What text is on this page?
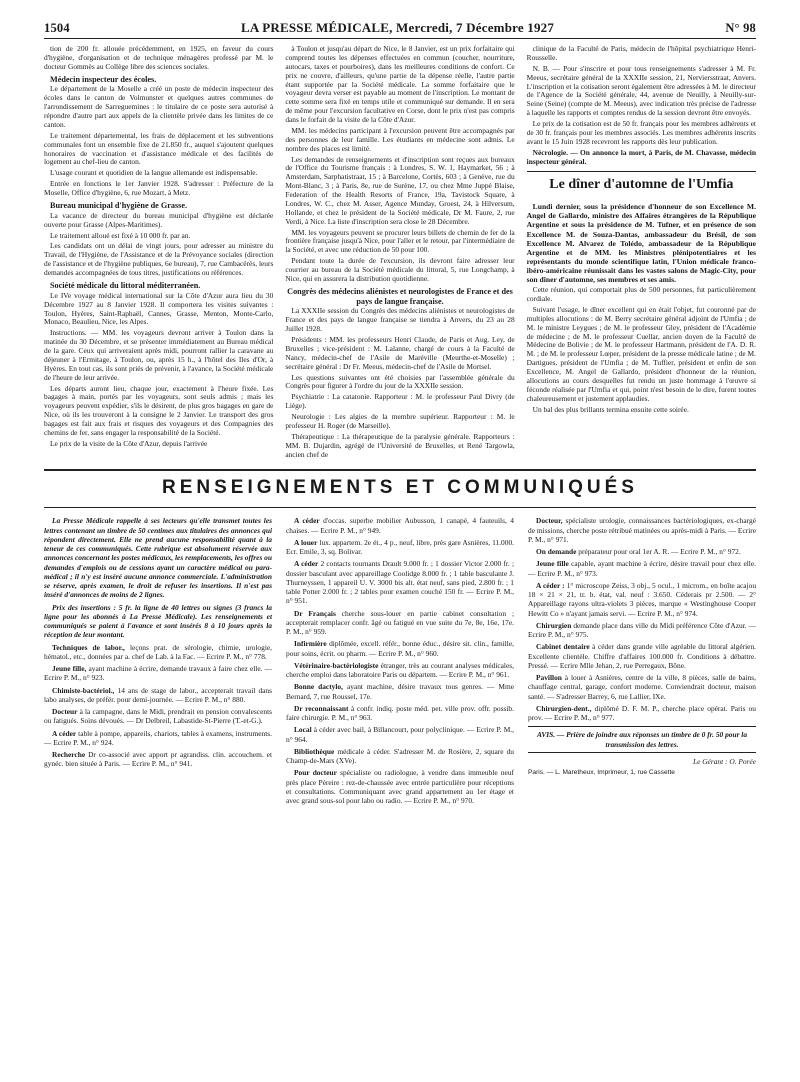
1504	LA PRESSE MÉDICALE, Mercredi, 7 Décembre 1927	N° 98

tion de 200 fr. allouée précédemment, en 1925, en faveur du cours d'hygiène, d'organisation et de technique ménagères professé par M. le docteur Gommès au Collège libre des sciences sociales.

Médecin inspecteur des écoles.

Le département de la Moselle a créé un poste de médecin inspecteur des écoles dans le canton de Volmunster et quelques autres communes de l'arrondissement de Sarreguemines : le titulaire de ce poste sera autorisé à répondre d'autre part aux appels de la clientèle privée dans les limites de ce canton.

Le traitement départemental, les frais de déplacement et les subventions communales font un ensemble fixe de 21.850 fr., auquel s'ajoutent quelques honoraires de vaccination et d'assistance médicale et des facilités de logement au chef-lieu de canton.

L'usage courant et quotidien de la langue allemande est indispensable.

Entrée en fonctions le 1er Janvier 1928. S'adresser : Préfecture de la Moselle, Office d'hygiène, 6, rue Mozart, à Metz.

Bureau municipal d'hygiène de Grasse.

La vacance de directeur du bureau municipal d'hygiène est déclarée ouverte pour Grasse (Alpes-Maritimes).

Le traitement alloué est fixé à 10 000 fr. par an.

Les candidats ont un délai de vingt jours, pour adresser au ministre du Travail, de l'Hygiène, de l'Assistance et de la Prévoyance sociales (direction de l'assistance et de l'hygiène publiques, 6e bureau), 7, rue Cambacérès, leurs demandes accompagnées de tous titres, justifications ou références.

Société médicale du littoral méditerranéen.

Le IVe voyage médical international sur la Côte d'Azur aura lieu du 30 Décembre 1927 au 8 Janvier 1928. Il comportera les visites suivantes : Toulon, Hyères, Saint-Raphaël, Cannes, Grasse, Menton, Monte-Carlo, Monaco, Beaulieu, Nice, les Alpes.

Instructions. — MM. les voyageurs devront arriver à Toulon dans la matinée du 30 Décembre, et se présenter immédiatement au Bureau médical de la gare. Ceux qui arriveraient après midi, pourront rallier la caravane au déjeuner à l'Ermitage, à Toulon, ou, après 15 h., à l'hôtel des Iles d'Or, à Hyères. En tout cas, ils sont priés de prévenir, à l'avance, la Société médicale de l'heure de leur arrivée.

Les départs auront lieu, chaque jour, exactement à l'heure fixée. Les bagages à main, portés par les voyageurs, sont seuls admis ; mais les voyageurs peuvent expédier, s'ils le désirent, de plus gros bagages en gare de Nice, où ils les trouveront à la consigne le 2 Janvier. Le transport des gros bagages est fait aux frais et risques des voyageurs et des Compagnies des chemins de fer, sans engager la responsabilité de la Société.

Le prix de la visite de la Côte d'Azur, depuis l'arrivée

à Toulon et jusqu'au départ de Nice, le 8 Janvier, est un prix forfaitaire qui comprend toutes les dépenses effectuées en commun (coucher, nourriture, autocars, taxes et pourboires), dans les meilleures conditions de confort. Ce prix ne couvre, d'ailleurs, qu'une partie de la dépense réelle, l'autre partie étant supportée par la Société médicale. La somme forfaitaire que le voyageur devra verser est payable au moment de l'inscription. Le montant de cette somme sera fixé en temps utile et communiqué sur demande. Il en sera de même pour l'excursion facultative en Corse, dont le prix n'est pas compris dans le forfait de la visite de la Côte d'Azur.

MM. les médecins participant à l'excursion peuvent être accompagnés par des personnes de leur famille. Les étudiants en médecine sont admis. Le nombre des places est limité.

Les demandes de renseignements et d'inscription sont reçues aux bureaux de l'Office du Tourisme français : à Londres, S. W. 1, Haymarket, 56 ; à Amsterdam, Sarphatistraat, 15 ; à Barcelone, Cortès, 603 ; à Genève, rue du Mont-Blanc, 3 ; à Paris, 8e, rue de Surène, 17, ou chez Mme Juppé Blaise, Federation of the Health Resorts of France, 19a, Tavistock Square, à Londres, W. C., chez M. Asser, Agence Munday, Groest, 24, à Hilversum, Hollande, et chez le président de la Société médicale, Dr M. Faure, 2, rue Verdi, à Nice. La liste d'inscription sera close le 28 Décembre.

MM. les voyageurs peuvent se procurer leurs billets de chemin de fer de la frontière française jusqu'à Nice, pour l'aller et le retour, par l'intermédiaire de la Société, et avec une réduction de 50 pour 100.

Pendant toute la durée de l'excursion, ils devront faire adresser leur courrier au bureau de la Société médicale du littoral, 5, rue Longchamp, à Nice, qui en assurera la distribution quotidienne.

Congrès des médecins aliénistes et neurologistes de France et des pays de langue française.

La XXXIIe session du Congrès des médecins aliénistes et neurologistes de France et des pays de langue française se tiendra à Anvers, du 23 au 28 Juillet 1928.

Présidents : MM. les professeurs Henri Claude, de Paris et Aug. Ley, de Bruxelles ; vice-président : M. Lalanne, chargé de cours à la Faculté de Nancy, médecin-chef de l'Asile de Maréville (Meurthe-et-Moselle) ; secrétaire général : Dr Fr. Meeus, médecin-chef de l'Asile de Mortsel.

Les questions suivantes ont été choisies par l'assemblée générale du Congrès pour figurer à l'ordre du jour de la XXXIIe session.

Psychiatrie : La catatonie. Rapporteur : M. le professeur Paul Divry (de Liège).

Neurologie : Les algies de la membre supérieur. Rapporteur : M. le professeur H. Roger (de Marseille).

Thérapeutique : La thérapeutique de la paralysie générale. Rapporteurs : MM. B. Dujardin, agrégé de l'Université de Bruxelles, et René Targowla, ancien chef de

clinique de la Faculté de Paris, médecin de l'hôpital psychiatrique Henri-Rousselle.

N. B. — Pour s'inscrire et pour tous renseignements s'adresser à M. Fr. Meeus, secrétaire général de la XXXIIe session, 21, Nerviersstraat, Anvers. L'inscription et la cotisation seront également être adressées à M. le directeur de l'Agence de la Société générale, 44, avenue de Neuilly, à Neuilly-sur-Seine (Seine) (compte de M. Meeus), avec indication très précise de l'adresse à laquelle les rapports et comptes rendus de la session devront être envoyés.

Le prix de la cotisation est de 50 fr. français pour les membres adhérents et de 30 fr. français pour les membres associés. Les membres adhérents inscrits avant le 15 Juin 1928 recevront les rapports dès leur publication.

Nécrologie. — On annonce la mort, à Paris, de M. Chavasse, médecin inspecteur général.

Le dîner d'automne de l'Umfia

Lundi dernier, sous la présidence d'honneur de son Excellence M. Angel de Gallardo, ministre des Affaires étrangères de la République Argentine et sous la présidence de M. Tufner, et en présence de son Excellence M. de Souza-Dantas, ambassadeur du Brésil, de son Excellence M. Alvarez de Tolédo, ambassadeur de la République Argentine et de MM. les Ministres plénipotentiaires et les représentants du monde scientifique latin, l'Union médicale franco-ibéro-américaine réunissait dans les vastes salons de Magic-City, pour son dîner d'automne, ses membres et ses amis.

Cette réunion, qui comportait plus de 500 personnes, fut particulièrement cordiale.

Suivant l'usage, le dîner excellent qui en était l'objet, fut couronné par de multiples allocutions : de M. Berry secrétaire général adjoint de l'Umfia ; de M. le ministre Leygues ; de M. le professeur Gley, président de l'Académie de médecine ; de M. le professeur Cuellar, ancien doyen de la Faculté de Médecine de Bolivie ; de M. le professeur Hartmann, président de l'A. D. R. M. ; de M. le professeur Lœper, président de la presse médicale latine ; de M. Dartigues, président de l'Umfia ; de M. Tuffier, président et enfin de son Excellence, M. Angel de Gallardo, président d'honneur de la réunion, allocutions au cours desquelles fut rendu un juste hommage à l'œuvre si féconde réalisée par l'Umfia et qui, point n'est besoin de le dire, furent toutes chaleureusement et justement applaudies.

Un bal des plus brillants termina ensuite cette soirée.

RENSEIGNEMENTS ET COMMUNIQUÉS

La Presse Médicale rappelle à ses lecteurs qu'elle transmet toutes les lettres contenant un timbre de 50 centimes aux titulaires des annonces qui répondent directement. Elle ne prend aucune responsabilité quant à la teneur de ces communiqués. Cette rubrique est absolument réservée aux annonces concernant les postes médicaux, les remplacements, les offres ou demandes d'emplois ou de cessions ayant un caractère médical ou para-médical ; il n'y est inséré aucune annonce commerciale. L'administration se réserve, après examen, le droit de refuser les insertions. Il n'est pas inséré d'annonces de moins de 2 lignes.

Prix des insertions : 5 fr. la ligne de 40 lettres ou signes (3 francs la ligne pour les abonnés à La Presse Médicale). Les renseignements et communiqués se paient à l'avance et sont insérés 8 à 10 jours après la réception de leur montant.

Techniques de labor., leçons prat. de sérologie, chimie, urologie, hématol., etc., données par a. chef de Lab. à la Fac. — Ecrire P. M., n° 778.

Jeune fille, ayant machine à écrire, demande travaux à faire chez elle. — Ecrire P. M., n° 923.

Chimiste-bactériol., 14 ans de stage de labor., accepterait travail dans labo analyses, de préfér. pour demi-journée. — Ecrire P. M., n° 880.

Docteur à la campagne, dans le Midi, prendrait en pension convalescents ou fatigués. Soins dévoués. — Dr Delbreil, Labastide-St-Pierre (T.-et-G.).

A céder table à pompe, appareils, chariots, tables à examens, instruments. — Ecrire P. M., n° 924.

Recherche Dr co-associé avec apport pr agrandiss. clin. accouchem. et gynéc. bien située à Paris. — Ecrire P. M., n° 941.

A céder d'occas. superbe mobilier Aubusson, 1 canapé, 4 fauteuils, 4 chaises. — Ecrire P. M., n° 949.

A louer lux. appartem. 2e ét., 4 p., neuf, libre, près gare Asnières, 11.000. Ecr. Emile, 3, sq. Bolivar.

A céder 2 contacts tournants Drault 9.000 fr. ; 1 dossier Victor 2.000 fr. ; dossier basculant avec appareillage Coolidge 8.000 fr. ; 1 table basculante J. Thurneyssen, 1 appareil U. V. 3000 bis alt. état neuf, sans pied, 2.800 fr. ; 1 table Potter 2.000 fr. ; 2 tables pour examen couché 150 fr. — Ecrire P. M., n° 951.

Dr Français cherche sous-louer en partie cabinet consultation ; accepterait remplacer confr. âgé ou fatigué en vue suite du 7e, 8e, 16e, 17e. P. M., n° 959.

Infirmière diplômée, excell. référ., bonne éduc., désire sit. clin., famille, pour soins, écrit. ou pharm. — Ecrire P. M., n° 960.

Vétérinaire-bactériologiste étranger, très au courant analyses médicales, cherche emploi dans laboratoire Paris ou départem. — Ecrire P. M., n° 961.

Bonne dactylo, ayant machine, désire travaux tous genres. — Mme Bernard, 7, rue Roussel, 17e.

Dr reconnaissant à confr. indiq. poste méd. pet. ville prov. offr. possib. faire chirurgie. P. M., n° 963.

Local à céder avec bail, à Billancourt, pour polyclinique. — Ecrire P. M., n° 964.

Bibliothèque médicale à céder. S'adresser M. de Rosière, 2, square du Champ-de-Mars (XVe).

Pour docteur spécialiste ou radiologue, à vendre dans immeuble neuf près place Péreire : rez-de-chaussée avec entrée particulière pour réceptions et consultations. Communiquant avec grand appartement au 1er étage et avec grand sous-sol pour labo ou radio. — Ecrire P. M., n° 970.

Docteur, spécialiste urologie, connaissances bactériologiques, ex-chargé de missions, cherche poste rétribué matinées ou après-midi à Paris. — Ecrire P. M., n° 971.

On demande préparateur pour oral 1er A. R. — Ecrire P. M., n° 972.

Jeune fille capable, ayant machine à écrire, désire travail pour chez elle. — Ecrire P. M., n° 973.

A céder : 1° microscope Zeiss, 3 obj., 5 ocul., 1 microm., en boîte acajou 18 × 21 × 21, tr. b. état, val. neuf : 3.650. Céderais pr 2.500. — 2° Appareillage rayons ultra-violets 3 pièces, marque « Westinghouse Cooper Hewitt Co » n'ayant jamais servi. — Ecrire P. M., n° 974.

Chirurgien demande place dans ville du Midi préférence Côte d'Azur. — Ecrire P. M., n° 975.

Cabinet dentaire à céder dans grande ville agréable du littoral algérien. Excellente clientèle. Chiffre d'affaires 100.000 fr. Conditions à débattre. Pressé. — Ecrire Mlle Jehan, 2, rue Perregaux, Bône.

Pavillon à louer à Asnières, centre de la ville, 8 pièces, salle de bains, chauffage central, garage, confort moderne. Conviendrait docteur, maison santé. — S'adresser Barrey, 6, rue Lallier, IXe.

Chirurgien-dent., diplômé D. F. M. P., cherche place opérat. Paris ou prov. — Ecrire P. M., n° 977.

AVIS. — Prière de joindre aux réponses un timbre de 0 fr. 50 pour la transmission des lettres.
Le Gérant : O. Porée
Paris. — L. Maretheux, Imprimeur, 1, rue Cassette
